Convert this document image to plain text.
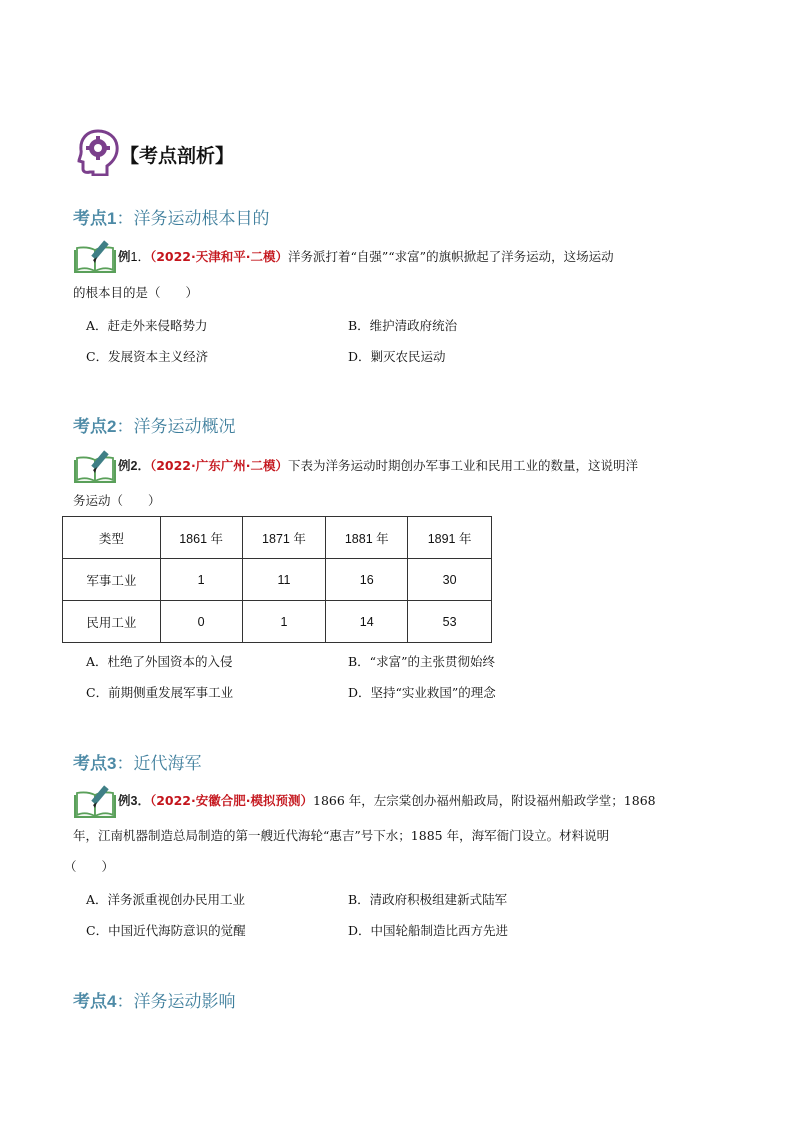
【考点剖析】
考点1：洋务运动根本目的
例1．（2022·天津和平·二模）洋务派打着“自强”“求富”的旗帜掀起了洋务运动，这场运动
的根本目的是（　　）
A．赶走外来侵略势力	B．维护清政府统治
C．发展资本主义经济	D．剿灭农民运动
考点2：洋务运动概况
例2．（2022·广东广州·二模）下表为洋务运动时期创办军事工业和民用工业的数量，这说明洋
务运动（　　）
类型	1861 年	1871 年	1881 年	1891 年
军事工业	1	11	16	30
民用工业	0	1	14	53
A．杜绝了外国资本的入侵	B．“求富”的主张贯彻始终
C．前期侧重发展军事工业	D．坚持“实业救国”的理念
考点3：近代海军
例3．（2022·安徽合肥·模拟预测）1866 年，左宗棠创办福州船政局，附设福州船政学堂；1868
年，江南机器制造总局制造的第一艘近代海轮“惠吉”号下水；1885 年，海军衙门设立。材料说明
（　　）
A．洋务派重视创办民用工业	B．清政府积极组建新式陆军
C．中国近代海防意识的觉醒	D．中国轮船制造比西方先进
考点4：洋务运动影响
